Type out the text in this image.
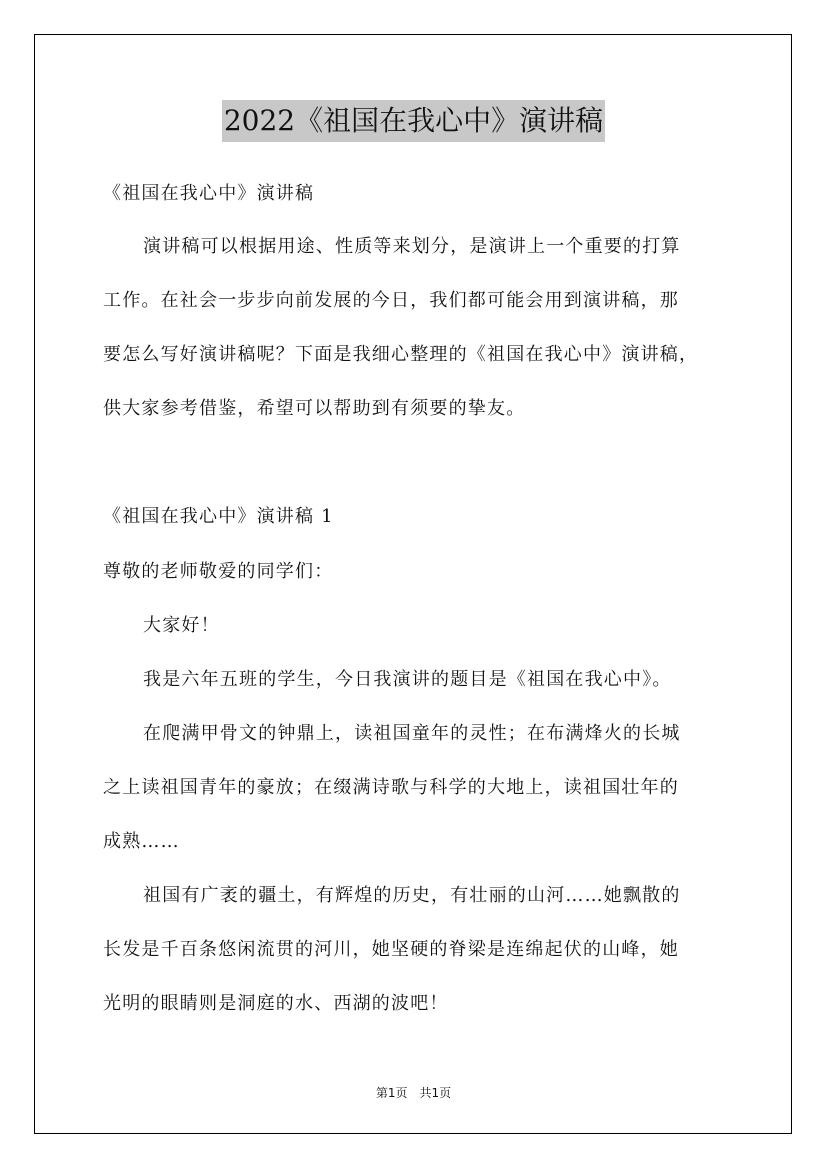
2022《祖国在我心中》演讲稿
《祖国在我心中》演讲稿
演讲稿可以根据用途、性质等来划分，是演讲上一个重要的打算
工作。在社会一步步向前发展的今日，我们都可能会用到演讲稿，那
要怎么写好演讲稿呢？下面是我细心整理的《祖国在我心中》演讲稿，
供大家参考借鉴，希望可以帮助到有须要的挚友。
《祖国在我心中》演讲稿 1
尊敬的老师敬爱的同学们：
大家好！
我是六年五班的学生，今日我演讲的题目是《祖国在我心中》。
在爬满甲骨文的钟鼎上，读祖国童年的灵性；在布满烽火的长城
之上读祖国青年的豪放；在缀满诗歌与科学的大地上，读祖国壮年的
成熟……
祖国有广袤的疆土，有辉煌的历史，有壮丽的山河……她飘散的
长发是千百条悠闲流贯的河川，她坚硬的脊梁是连绵起伏的山峰，她
光明的眼睛则是洞庭的水、西湖的波吧！
第1页　共1页
